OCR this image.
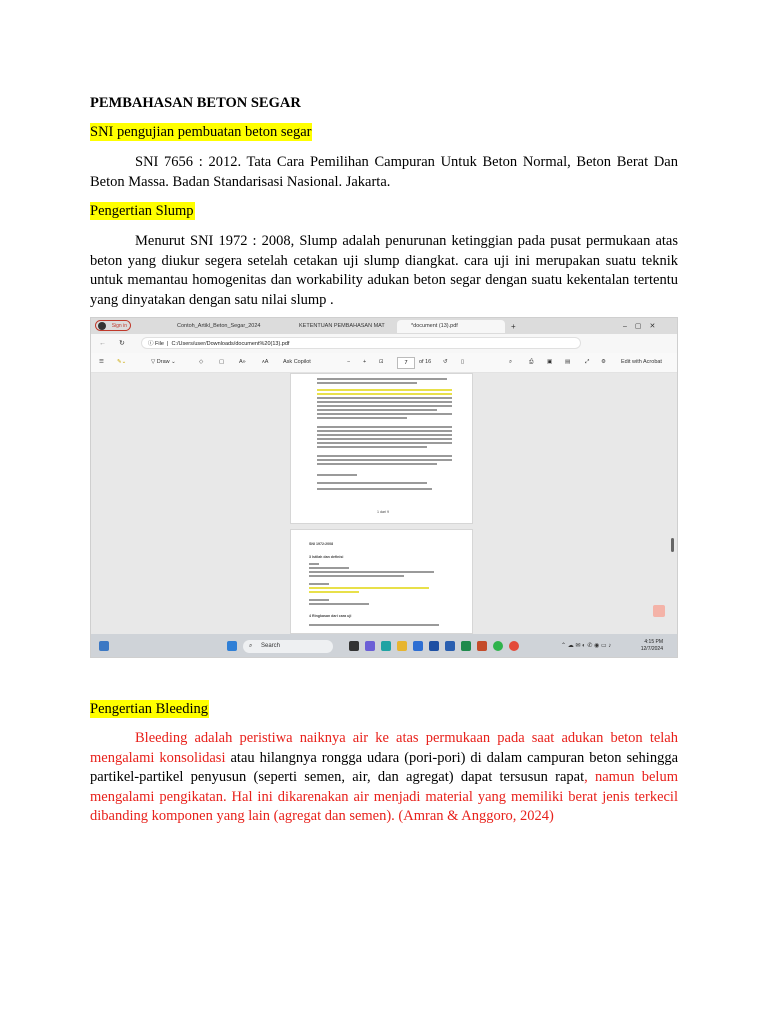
PEMBAHASAN BETON SEGAR
SNI pengujian pembuatan beton segar
SNI 7656 : 2012. Tata Cara Pemilihan Campuran Untuk Beton Normal, Beton Berat Dan Beton Massa. Badan Standarisasi Nasional. Jakarta.
Pengertian Slump
Menurut SNI 1972 : 2008, Slump adalah penurunan ketinggian pada pusat permukaan atas beton yang diukur segera setelah cetakan uji slump diangkat. cara uji ini merupakan suatu teknik untuk memantau homogenitas dan workability adukan beton segar dengan suatu kekentalan tertentu yang dinyatakan dengan satu nilai slump .
Sign in	Contoh_Artikl_Beton_Segar_2024	KETENTUAN PEMBAHASAN MAT	*document (13).pdf	+	–▢✕
← ↻	ⓘ File  |  C:/Users/user/Downloads/document%20(13).pdf
☰ ✎⌄	▽ Draw ⌄	◇	▢	A»	ᴀA	Ask Copilot	− + ⊡	7	of 16 ↺ ▯	⌕	⎙ ▣ ▤	⤢ ⚙	Edit with Acrobat
1 dari 9
SNI 1972:2008
3 Istilah dan definisi
4 Ringkasan dari cara uji
⌕ Search	⌃ ☁ ✉ ◐ ✆ ◉ ▭ ♪
4:15 PM
12/7/2024
Pengertian Bleeding
Bleeding adalah peristiwa naiknya air ke atas permukaan pada saat adukan beton telah mengalami konsolidasi atau hilangnya rongga udara (pori-pori) di dalam campuran beton sehingga partikel-partikel penyusun (seperti semen, air, dan agregat) dapat tersusun rapat, namun belum mengalami pengikatan. Hal ini dikarenakan air menjadi material yang memiliki berat jenis terkecil dibanding komponen yang lain (agregat dan semen). (Amran & Anggoro, 2024)
